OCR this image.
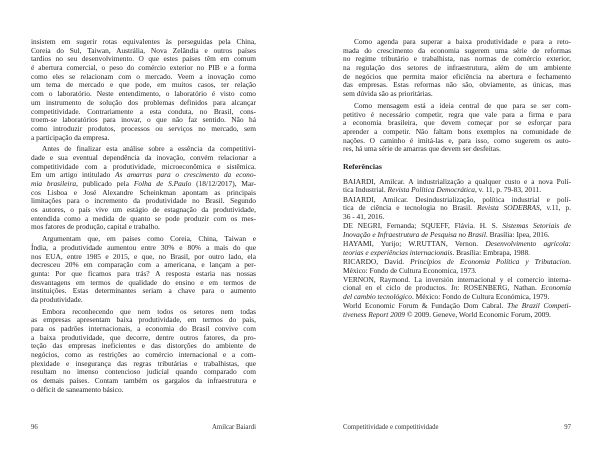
insistem em sugerir rotas equivalentes às perseguidas pela China,
Coreia do Sul, Taiwan, Austrália, Nova Zelândia e outros países
tardios no seu desenvolvimento. O que estes países têm em comum
é abertura comercial, o peso do comércio exterior no PIB e a forma
como eles se relacionam com o mercado. Veem a inovação como
um tema de mercado e que pode, em muitos casos, ter relação
com o laboratório. Neste entendimento, o laboratório é visto como
um instrumento de solução dos problemas definidos para alcançar
competitividade. Contrariamente a esta conduta, no Brasil, cons-
troem-se laboratórios para inovar, o que não faz sentido. Não há
como introduzir produtos, processos ou serviços no mercado, sem
a participação da empresa.
Antes de finalizar esta análise sobre a essência da competitivi-
dade e sua eventual dependência da inovação, convém relacionar a
competitividade com a produtividade, microeconômica e sistêmica.
Em um artigo intitulado As amarras para o crescimento da econo-
mia brasileira, publicado pela Folha de S.Paulo (18/12/2017), Mar-
cos Lisboa e José Alexandre Scheinkman apontam as principais
limitações para o incremento da produtividade no Brasil. Segundo
os autores, o país vive um estágio de estagnação da produtividade,
entendida como a medida de quanto se pode produzir com os mes-
mos fatores de produção, capital e trabalho.
Argumentam que, em países como Coreia, China, Taiwan e
Índia, a produtividade aumentou entre 30% e 80% a mais do que
nos EUA, entre 1985 e 2015, e que, no Brasil, por outro lado, ela
decresceu 20% em comparação com a americana, e lançam a per-
gunta: Por que ficamos para trás? A resposta estaria nas nossas
desvantagens em termos de qualidade do ensino e em termos de
instituições. Estas determinantes seriam a chave para o aumento
da produtividade.
Embora reconhecendo que nem todos os setores nem todas
as empresas apresentam baixa produtividade, em termos do país,
para os padrões internacionais, a economia do Brasil convive com
a baixa produtividade, que decorre, dentre outros fatores, da pro-
teção das empresas ineficientes e das distorções do ambiente de
negócios, como as restrições ao comércio internacional e a com-
plexidade e insegurança das regras tributárias e trabalhistas, que
resultam no imenso contencioso judicial quando comparado com
os demais países. Contam também os gargalos da infraestrutura e
o déficit de saneamento básico.
96	Amilcar Baiardi
Como agenda para superar a baixa produtividade e para a reto-
mada do crescimento da economia sugerem uma série de reformas
no regime tributário e trabalhista, nas normas de comércio exterior,
na regulação dos setores de infraestrutura, além de um ambiente
de negócios que permita maior eficiência na abertura e fechamento
das empresas. Estas reformas não são, obviamente, as únicas, mas
sem dúvida são as prioritárias.
Como mensagem está a ideia central de que para se ser com-
petitivo é necessário competir, regra que vale para a firma e para
a economia brasileira, que devem começar por se esforçar para
aprender a competir. Não faltam bons exemplos na comunidade de
nações. O caminho é imitá-las e, para isso, como sugerem os auto-
res, há uma série de amarras que devem ser desfeitas.
Referências
BAIARDI, Amilcar. A industrialização a qualquer custo e a nova Polí-
tica Industrial. Revista Política Democrática, v. 11, p. 79-83, 2011.
BAIARDI, Amilcar. Desindustrialização, política industrial e polí-
tica de ciência e tecnologia no Brasil. Revista SODEBRAS, v.11, p.
36 - 41, 2016.
DE NEGRI, Fernanda; SQUEFF, Flávia. H. S. Sistemas Setoriais de
Inovação e Infraestrutura de Pesquisa no Brasil. Brasília: Ipea, 2016.
HAYAMI, Yurijo; W.RUTTAN, Vernon. Desenvolvimento agrícola:
teorias e experiências internacionais. Brasília: Embrapa, 1988.
RICARDO, David. Princípios de Economia Política y Tributacion.
México: Fondo de Cultura Economica, 1973.
VERNON, Raymond. La inversión internacional y el comercio interna-
cional en el ciclo de productos. In: ROSENBERG, Nathan. Economía
del cambio tecnológico. México: Fondo de Cultura Económica, 1979.
World Economic Forum & Fundação Dom Cabral. The Brazil Competi-
tiveness Report 2009 © 2009. Geneve, World Economic Forum, 2009.
Competitividade e competitividade	97
